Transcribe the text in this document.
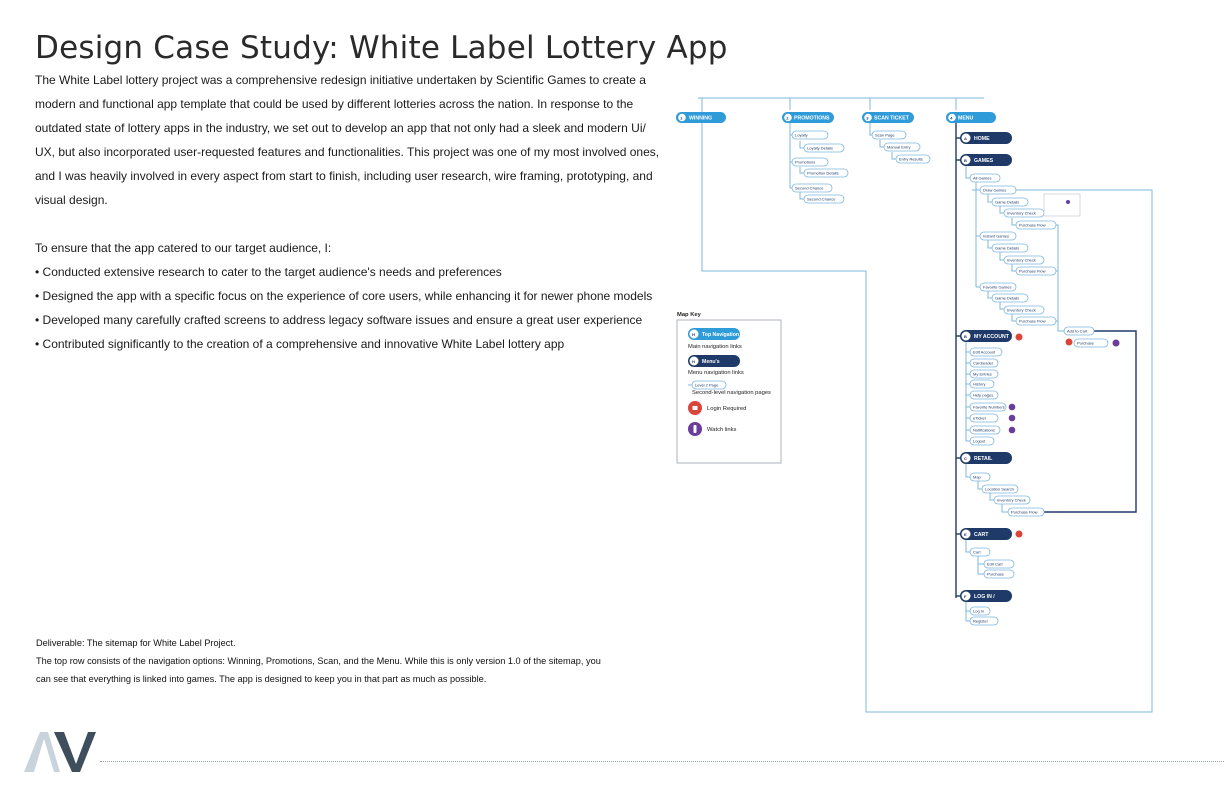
Design Case Study: White Label Lottery App
The White Label lottery project was a comprehensive redesign initiative undertaken by Scientific Games to create a modern and functional app template that could be used by different lotteries across the nation. In response to the outdated state of lottery apps in the industry, we set out to develop an app that not only had a sleek and modern Ui/ UX, but also incorporated user-requested features and functionalities. This project was one of my most involved ones, and I was heavily involved in every aspect from start to finish, including user research, wire framing, prototyping, and visual design.
To ensure that the app catered to our target audience, I:
• Conducted extensive research to cater to the target audience's needs and preferences
• Designed the app with a specific focus on the experience of core users, while enhancing it for newer phone models
• Developed many carefully crafted screens to address legacy software issues and ensure a great user experience
• Contributed significantly to the creation of a comprehensive and innovative White Label lottery app
Deliverable: The sitemap for White Label Project.
The top row consists of the navigation options: Winning, Promotions, Scan, and the Menu. While this is only version 1.0 of the sitemap, you can see that everything is linked into games. The app is designed to keep you in that part as much as possible.
1 WINNING	2 PROMOTIONS	3 SCAN TICKET	4 MENU
Loyalty
Loyalty Details
Promotions
Promotion Details
Second Chance
Second Chance
Scan Page
Manual Entry
Entry Results
A HOME
B GAMES
B MY ACCOUNT
C RETAIL
E CART
F LOG IN /
All Games
Draw Games
Game Details
Inventory Check
Purchase Flow
Instant Games
Game Details
Inventory Check
Purchase Flow
Favorite Games
Game Details
Inventory Check
Purchase Flow
Add to Cart
Purchase
Edit Account
Cardreader
My Entries
History
Help pages
Favorite Numbers
eTicket
Notifications
Logout
Map
Location Search
Inventory Check
Purchase Flow
Cart
Edit Cart
Purchase
Log In
Register
Map Key
H Top Navigation
Main navigation links
H Menu's
Menu navigation links
Level 2 Page
Second-level navigation pages
Login Required
Watch links
